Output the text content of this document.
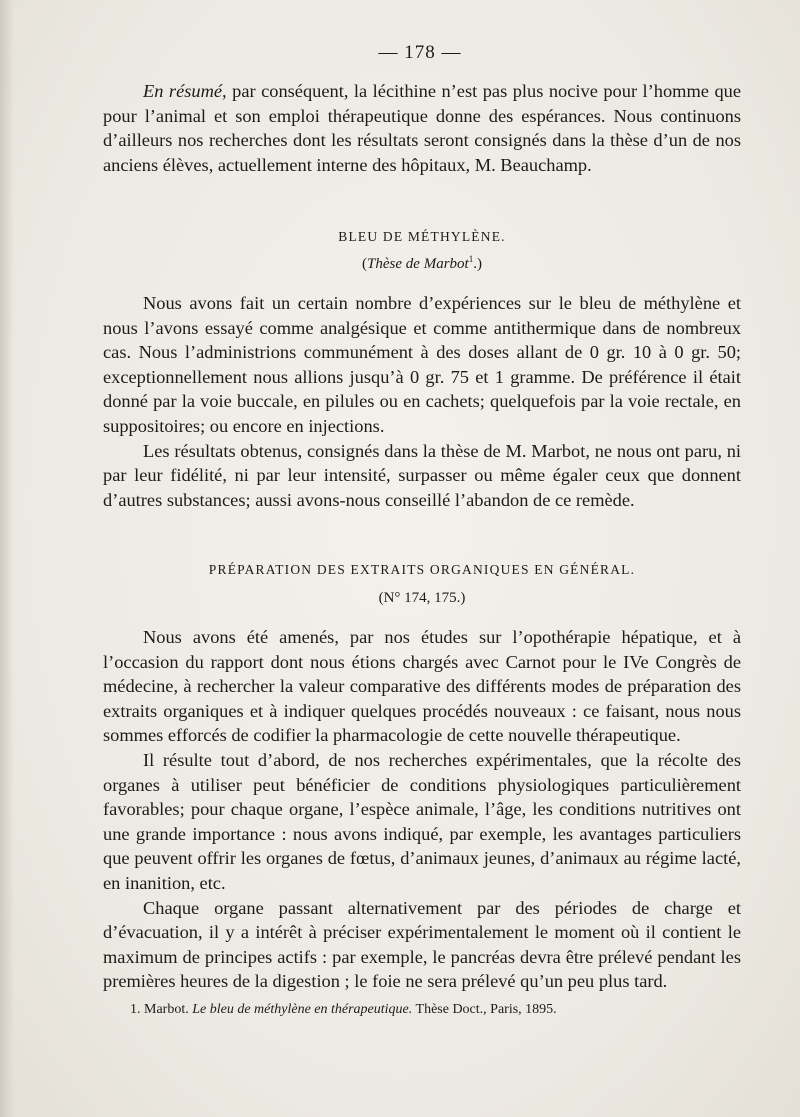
— 178 —

En résumé, par conséquent, la lécithine n’est pas plus nocive pour l’homme que pour l’animal et son emploi thérapeutique donne des espérances. Nous continuons d’ailleurs nos recherches dont les résultats seront consignés dans la thèse d’un de nos anciens élèves, actuellement interne des hôpitaux, M. Beauchamp.

BLEU DE MÉTHYLÈNE.

(Thèse de Marbot$^1$.)

Nous avons fait un certain nombre d’expériences sur le bleu de méthylène et nous l’avons essayé comme analgésique et comme antithermique dans de nombreux cas. Nous l’administrions communément à des doses allant de 0 gr. 10 à 0 gr. 50; exceptionnellement nous allions jusqu’à 0 gr. 75 et 1 gramme. De préférence il était donné par la voie buccale, en pilules ou en cachets; quelquefois par la voie rectale, en suppositoires; ou encore en injections.

Les résultats obtenus, consignés dans la thèse de M. Marbot, ne nous ont paru, ni par leur fidélité, ni par leur intensité, surpasser ou même égaler ceux que donnent d’autres substances; aussi avons-nous conseillé l’abandon de ce remède.

PRÉPARATION DES EXTRAITS ORGANIQUES EN GÉNÉRAL.

(N° 174, 175.)

Nous avons été amenés, par nos études sur l’opothérapie hépatique, et à l’occasion du rapport dont nous étions chargés avec Carnot pour le IVe Congrès de médecine, à rechercher la valeur comparative des différents modes de préparation des extraits organiques et à indiquer quelques procédés nouveaux : ce faisant, nous nous sommes efforcés de codifier la pharmacologie de cette nouvelle thérapeutique.

Il résulte tout d’abord, de nos recherches expérimentales, que la récolte des organes à utiliser peut bénéficier de conditions physiologiques particulièrement favorables; pour chaque organe, l’espèce animale, l’âge, les conditions nutritives ont une grande importance : nous avons indiqué, par exemple, les avantages particuliers que peuvent offrir les organes de fœtus, d’animaux jeunes, d’animaux au régime lacté, en inanition, etc.

Chaque organe passant alternativement par des périodes de charge et d’évacuation, il y a intérêt à préciser expérimentalement le moment où il contient le maximum de principes actifs : par exemple, le pancréas devra être prélevé pendant les premières heures de la digestion ; le foie ne sera prélevé qu’un peu plus tard.

1. Marbot. Le bleu de méthylène en thérapeutique. Thèse Doct., Paris, 1895.
